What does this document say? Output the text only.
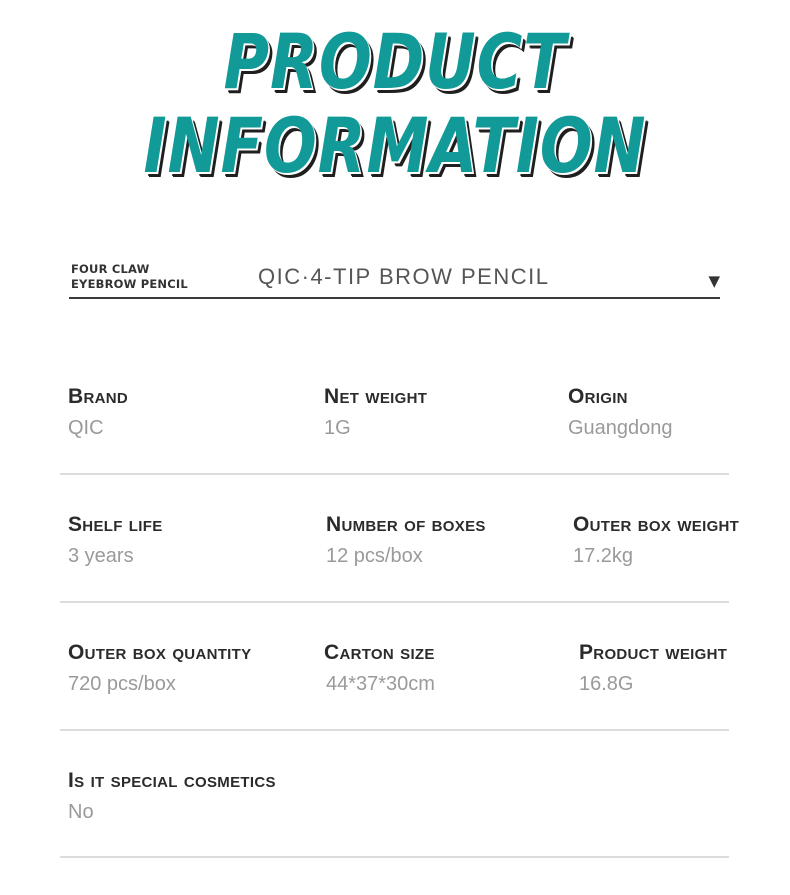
PRODUCT
INFORMATION
FOUR CLAW
EYEBROW PENCIL	QIC·4-TIP BROW PENCIL	▼
Brand
QIC
Net weight
1G
Origin
Guangdong
Shelf life
3 years
Number of boxes
12 pcs/box
Outer box weight
17.2kg
Outer box quantity
720 pcs/box
Carton size
44*37*30cm
Product weight
16.8G
Is it special cosmetics
No
